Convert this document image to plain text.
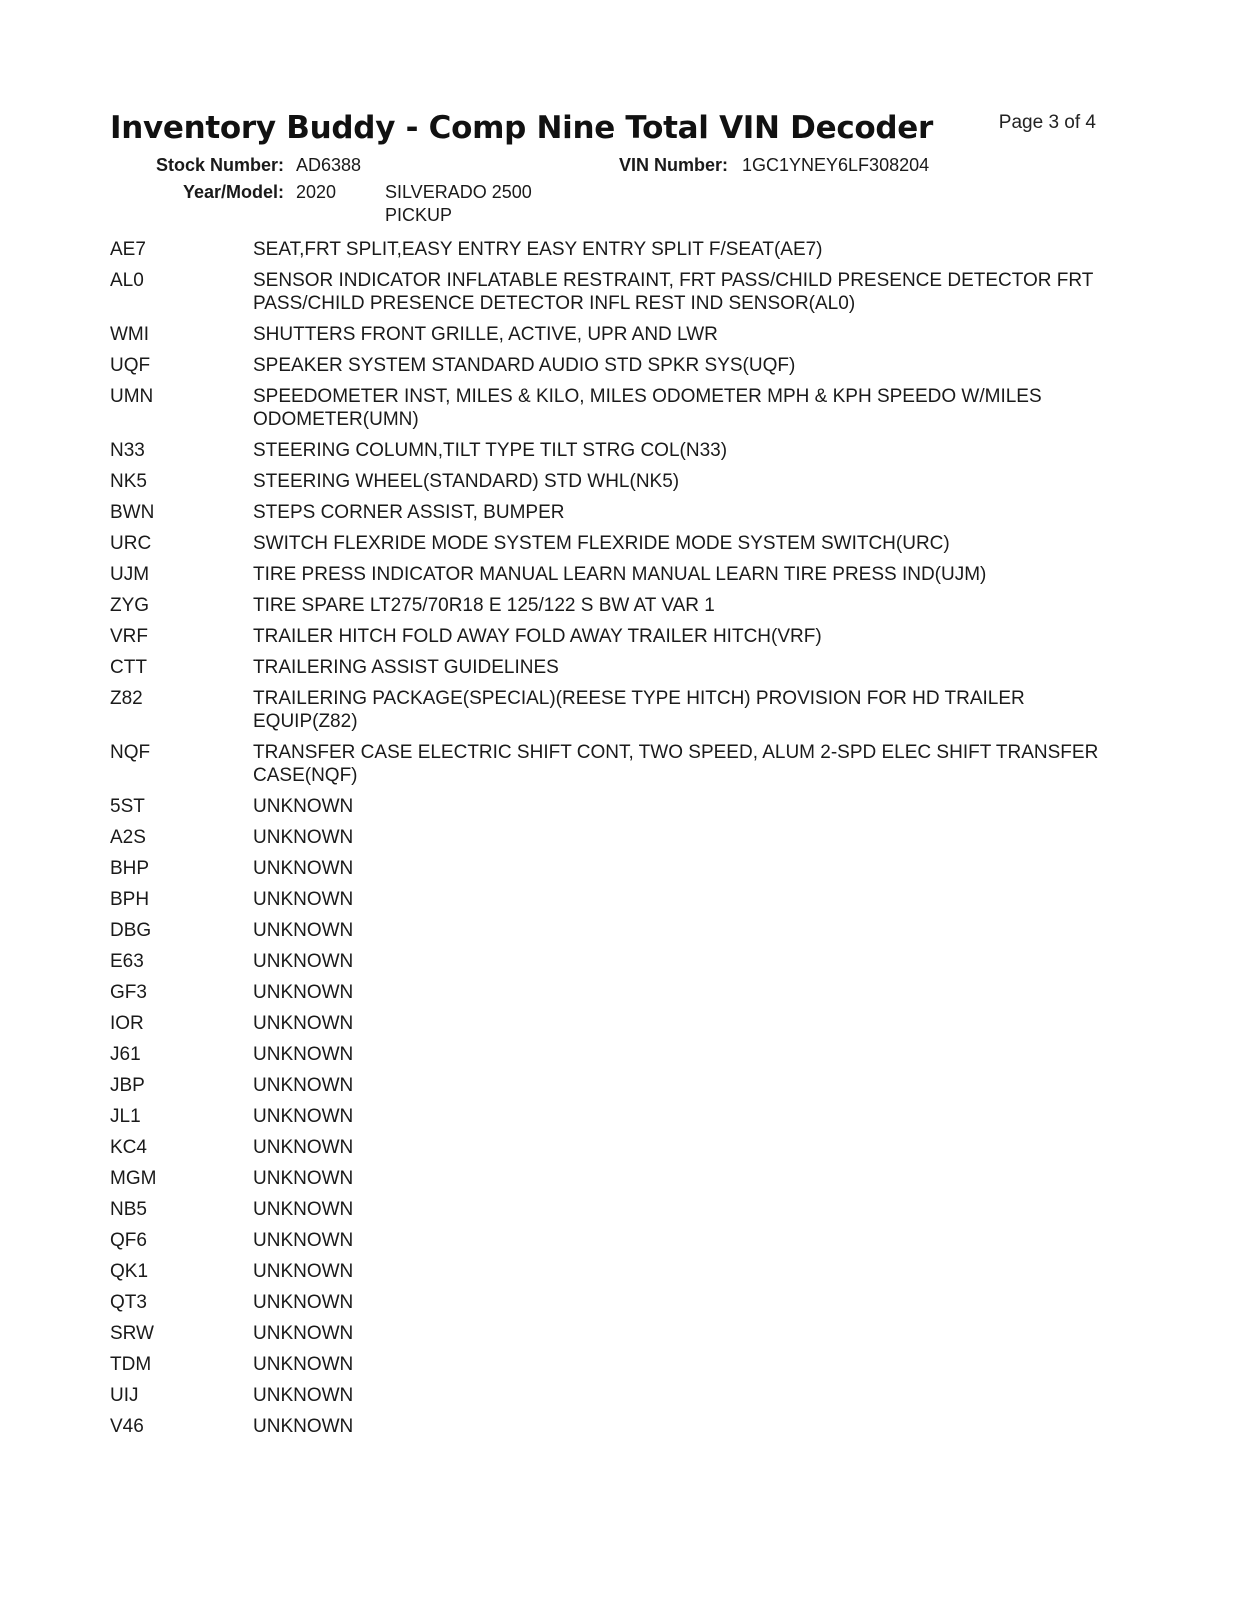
Inventory Buddy - Comp Nine Total VIN Decoder	Page 3 of 4
Stock Number: AD6388	VIN Number: 1GC1YNEY6LF308204
Year/Model: 2020	SILVERADO 2500
PICKUP
AE7	SEAT,FRT SPLIT,EASY ENTRY EASY ENTRY SPLIT F/SEAT(AE7)
AL0	SENSOR INDICATOR INFLATABLE RESTRAINT, FRT PASS/CHILD PRESENCE DETECTOR FRT PASS/CHILD PRESENCE DETECTOR INFL REST IND SENSOR(AL0)
WMI	SHUTTERS FRONT GRILLE, ACTIVE, UPR AND LWR
UQF	SPEAKER SYSTEM STANDARD AUDIO STD SPKR SYS(UQF)
UMN	SPEEDOMETER INST, MILES & KILO, MILES ODOMETER MPH & KPH SPEEDO W/MILES ODOMETER(UMN)
N33	STEERING COLUMN,TILT TYPE TILT STRG COL(N33)
NK5	STEERING WHEEL(STANDARD) STD WHL(NK5)
BWN	STEPS CORNER ASSIST, BUMPER
URC	SWITCH FLEXRIDE MODE SYSTEM FLEXRIDE MODE SYSTEM SWITCH(URC)
UJM	TIRE PRESS INDICATOR MANUAL LEARN MANUAL LEARN TIRE PRESS IND(UJM)
ZYG	TIRE SPARE LT275/70R18 E 125/122 S BW AT VAR 1
VRF	TRAILER HITCH FOLD AWAY FOLD AWAY TRAILER HITCH(VRF)
CTT	TRAILERING ASSIST GUIDELINES
Z82	TRAILERING PACKAGE(SPECIAL)(REESE TYPE HITCH) PROVISION FOR HD TRAILER EQUIP(Z82)
NQF	TRANSFER CASE ELECTRIC SHIFT CONT, TWO SPEED, ALUM 2-SPD ELEC SHIFT TRANSFER CASE(NQF)
5ST	UNKNOWN
A2S	UNKNOWN
BHP	UNKNOWN
BPH	UNKNOWN
DBG	UNKNOWN
E63	UNKNOWN
GF3	UNKNOWN
IOR	UNKNOWN
J61	UNKNOWN
JBP	UNKNOWN
JL1	UNKNOWN
KC4	UNKNOWN
MGM	UNKNOWN
NB5	UNKNOWN
QF6	UNKNOWN
QK1	UNKNOWN
QT3	UNKNOWN
SRW	UNKNOWN
TDM	UNKNOWN
UIJ	UNKNOWN
V46	UNKNOWN
